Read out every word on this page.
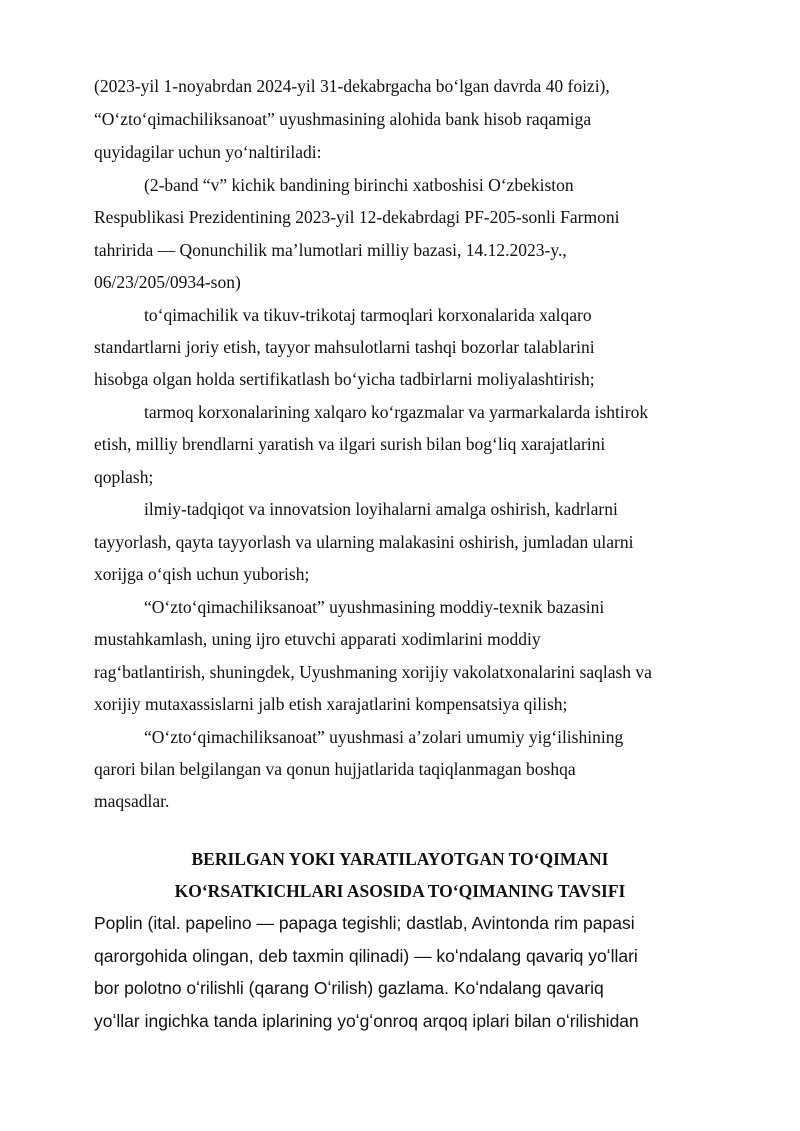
(2023-yil 1-noyabrdan 2024-yil 31-dekabrgacha bo‘lgan davrda 40 foizi),
“O‘zto‘qimachiliksanoat” uyushmasining alohida bank hisob raqamiga
quyidagilar uchun yo‘naltiriladi:
(2-band “v” kichik bandining birinchi xatboshisi O‘zbekiston
Respublikasi Prezidentining 2023-yil 12-dekabrdagi PF-205-sonli Farmoni
tahririda — Qonunchilik ma’lumotlari milliy bazasi, 14.12.2023-y.,
06/23/205/0934-son)
to‘qimachilik va tikuv-trikotaj tarmoqlari korxonalarida xalqaro
standartlarni joriy etish, tayyor mahsulotlarni tashqi bozorlar talablarini
hisobga olgan holda sertifikatlash bo‘yicha tadbirlarni moliyalashtirish;
tarmoq korxonalarining xalqaro ko‘rgazmalar va yarmarkalarda ishtirok
etish, milliy brendlarni yaratish va ilgari surish bilan bog‘liq xarajatlarini
qoplash;
ilmiy-tadqiqot va innovatsion loyihalarni amalga oshirish, kadrlarni
tayyorlash, qayta tayyorlash va ularning malakasini oshirish, jumladan ularni
xorijga o‘qish uchun yuborish;
“O‘zto‘qimachiliksanoat” uyushmasining moddiy-texnik bazasini
mustahkamlash, uning ijro etuvchi apparati xodimlarini moddiy
rag‘batlantirish, shuningdek, Uyushmaning xorijiy vakolatxonalarini saqlash va
xorijiy mutaxassislarni jalb etish xarajatlarini kompensatsiya qilish;
“O‘zto‘qimachiliksanoat” uyushmasi a’zolari umumiy yig‘ilishining
qarori bilan belgilangan va qonun hujjatlarida taqiqlanmagan boshqa
maqsadlar.
BERILGAN YOKI YARATILAYOTGAN TO‘QIMANI
KO‘RSATKICHLARI ASOSIDA TO‘QIMANING TAVSIFI
Poplin (ital. papelino — papaga tegishli; dastlab, Avintonda rim papasi
qarorgohida olingan, deb taxmin qilinadi) — koʻndalang qavariq yoʻllari
bor polotno oʻrilishli (qarang Oʻrilish) gazlama. Koʻndalang qavariq
yoʻllar ingichka tanda iplarining yoʻgʻonroq arqoq iplari bilan oʻrilishidan
